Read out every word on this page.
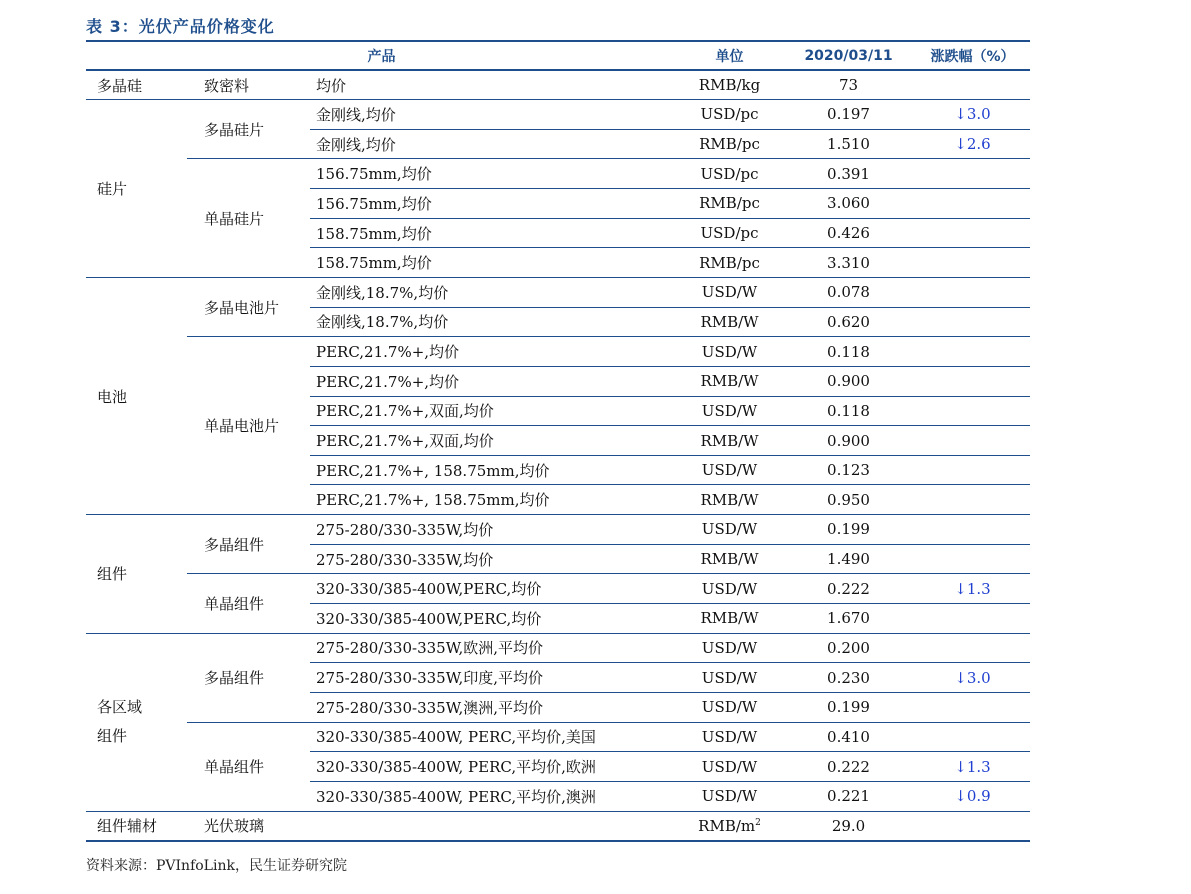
表 3：光伏产品价格变化
产品			单位	2020/03/11	涨跌幅（%）
多晶硅	致密料	均价	RMB/kg	73	
硅片	多晶硅片	金刚线,均价	USD/pc	0.197	↓3.0
		金刚线,均价	RMB/pc	1.510	↓2.6
	单晶硅片	156.75mm,均价	USD/pc	0.391	
		156.75mm,均价	RMB/pc	3.060	
		158.75mm,均价	USD/pc	0.426	
		158.75mm,均价	RMB/pc	3.310	
电池	多晶电池片	金刚线,18.7%,均价	USD/W	0.078	
		金刚线,18.7%,均价	RMB/W	0.620	
	单晶电池片	PERC,21.7%+,均价	USD/W	0.118	
		PERC,21.7%+,均价	RMB/W	0.900	
		PERC,21.7%+,双面,均价	USD/W	0.118	
		PERC,21.7%+,双面,均价	RMB/W	0.900	
		PERC,21.7%+, 158.75mm,均价	USD/W	0.123	
		PERC,21.7%+, 158.75mm,均价	RMB/W	0.950	
组件	多晶组件	275-280/330-335W,均价	USD/W	0.199	
		275-280/330-335W,均价	RMB/W	1.490	
	单晶组件	320-330/385-400W,PERC,均价	USD/W	0.222	↓1.3
		320-330/385-400W,PERC,均价	RMB/W	1.670	

各区域
组件	多晶组件	275-280/330-335W,欧洲,平均价	USD/W	0.200	
		275-280/330-335W,印度,平均价	USD/W	0.230	↓3.0
		275-280/330-335W,澳洲,平均价	USD/W	0.199	
	单晶组件	320-330/385-400W, PERC,平均价,美国	USD/W	0.410	
		320-330/385-400W, PERC,平均价,欧洲	USD/W	0.222	↓1.3
		320-330/385-400W, PERC,平均价,澳洲	USD/W	0.221	↓0.9
组件辅材	光伏玻璃		RMB/$m^2$	29.0	
资料来源：PVInfoLink，民生证券研究院
